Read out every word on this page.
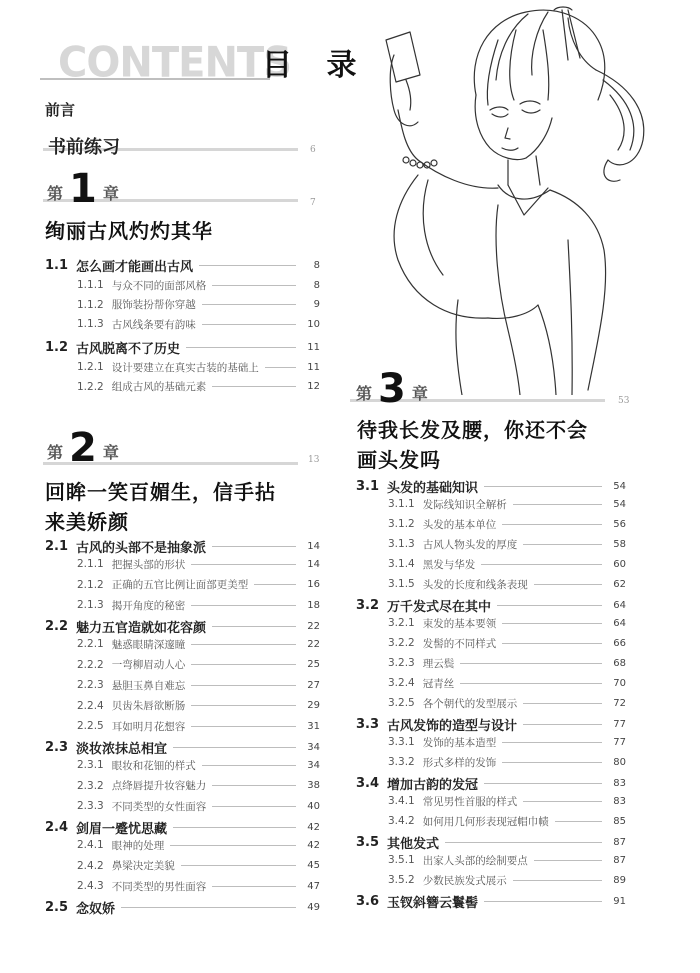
CONTENTS
目 录
前言
书前练习	6
第 1 章	7
绚丽古风灼灼其华
1.1 怎么画才能画出古风	8
1.1.1 与众不同的面部风格	8
1.1.2 服饰装扮帮你穿越	9
1.1.3 古风线条要有韵味	10
1.2 古风脱离不了历史	11
1.2.1 设计要建立在真实古装的基础上	11
1.2.2 组成古风的基础元素	12
第 2 章	13
回眸一笑百媚生，信手拈
来美娇颜
2.1 古风的头部不是抽象派	14
2.1.1 把握头部的形状	14
2.1.2 正确的五官比例让面部更美型	16
2.1.3 揭开角度的秘密	18
2.2 魅力五官造就如花容颜	22
2.2.1 魅惑眼睛深邃瞳	22
2.2.2 一弯柳眉动人心	25
2.2.3 悬胆玉鼻自难忘	27
2.2.4 贝齿朱唇欲断肠	29
2.2.5 耳如明月花想容	31
2.3 淡妆浓抹总相宜	34
2.3.1 眼妆和花钿的样式	34
2.3.2 点绛唇提升妆容魅力	38
2.3.3 不同类型的女性面容	40
2.4 剑眉一蹙忧思藏	42
2.4.1 眼神的处理	42
2.4.2 鼻梁决定美貌	45
2.4.3 不同类型的男性面容	47
2.5 念奴娇	49
第 3 章	53
待我长发及腰，你还不会
画头发吗
3.1 头发的基础知识	54
3.1.1 发际线知识全解析	54
3.1.2 头发的基本单位	56
3.1.3 古风人物头发的厚度	58
3.1.4 黑发与华发	60
3.1.5 头发的长度和线条表现	62
3.2 万千发式尽在其中	64
3.2.1 束发的基本要领	64
3.2.2 发髻的不同样式	66
3.2.3 理云鬓	68
3.2.4 冠青丝	70
3.2.5 各个朝代的发型展示	72
3.3 古风发饰的造型与设计	77
3.3.1 发饰的基本造型	77
3.3.2 形式多样的发饰	80
3.4 增加古韵的发冠	83
3.4.1 常见男性首服的样式	83
3.4.2 如何用几何形表现冠帽巾帻	85
3.5 其他发式	87
3.5.1 出家人头部的绘制要点	87
3.5.2 少数民族发式展示	89
3.6 玉钗斜簪云鬟髻	91
